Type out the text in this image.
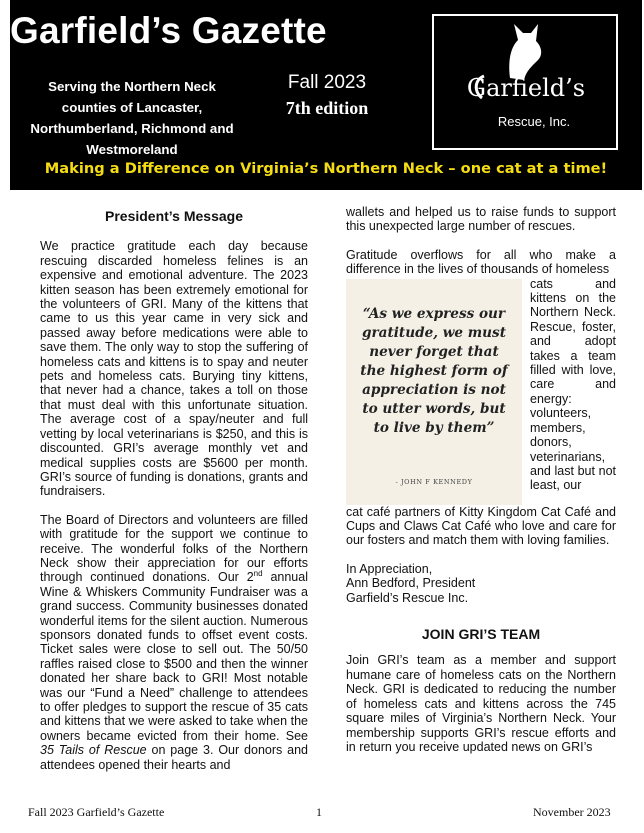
Garfield’s Gazette
Serving the Northern Neck
counties of Lancaster,
Northumberland, Richmond and
Westmoreland
Fall 2023
7th edition
Garfield’s
Rescue, Inc.
Making a Difference on Virginia’s Northern Neck – one cat at a time!
President’s Message

We practice gratitude each day because rescuing discarded homeless felines is an expensive and emotional adventure. The 2023 kitten season has been extremely emotional for the volunteers of GRI. Many of the kittens that came to us this year came in very sick and passed away before medications were able to save them. The only way to stop the suffering of homeless cats and kittens is to spay and neuter pets and homeless cats. Burying tiny kittens, that never had a chance, takes a toll on those that must deal with this unfortunate situation. The average cost of a spay/neuter and full vetting by local veterinarians is $250, and this is discounted. GRI’s average monthly vet and medical supplies costs are $5600 per month. GRI’s source of funding is donations, grants and fundraisers.

The Board of Directors and volunteers are filled with gratitude for the support we continue to receive. The wonderful folks of the Northern Neck show their appreciation for our efforts through continued donations. Our 2nd annual Wine & Whiskers Community Fundraiser was a grand success. Community businesses donated wonderful items for the silent auction. Numerous sponsors donated funds to offset event costs. Ticket sales were close to sell out. The 50/50 raffles raised close to $500 and then the winner donated her share back to GRI! Most notable was our “Fund a Need” challenge to attendees to offer pledges to support the rescue of 35 cats and kittens that we were asked to take when the owners became evicted from their home. See 35 Tails of Rescue on page 3. Our donors and attendees opened their hearts and

wallets and helped us to raise funds to support this unexpected large number of rescues.

Gratitude overflows for all who make a difference in the lives of thousands of homeless

“As we express our gratitude, we must never forget that the highest form of appreciation is not to utter words, but to live by them”
- JOHN F KENNEDY

cats and kittens on the Northern Neck. Rescue, foster, and adopt takes a team filled with love, care and energy: volunteers, members, donors, veterinarians, and last but not least, our

cat café partners of Kitty Kingdom Cat Café and Cups and Claws Cat Café who love and care for our fosters and match them with loving families.

In Appreciation,

Ann Bedford, President

Garfield’s Rescue Inc.

JOIN GRI’S TEAM

Join GRI’s team as a member and support humane care of homeless cats on the Northern Neck. GRI is dedicated to reducing the number of homeless cats and kittens across the 745 square miles of Virginia’s Northern Neck. Your membership supports GRI’s rescue efforts and in return you receive updated news on GRI’s

Fall 2023 Garfield’s Gazette	1	November 2023
